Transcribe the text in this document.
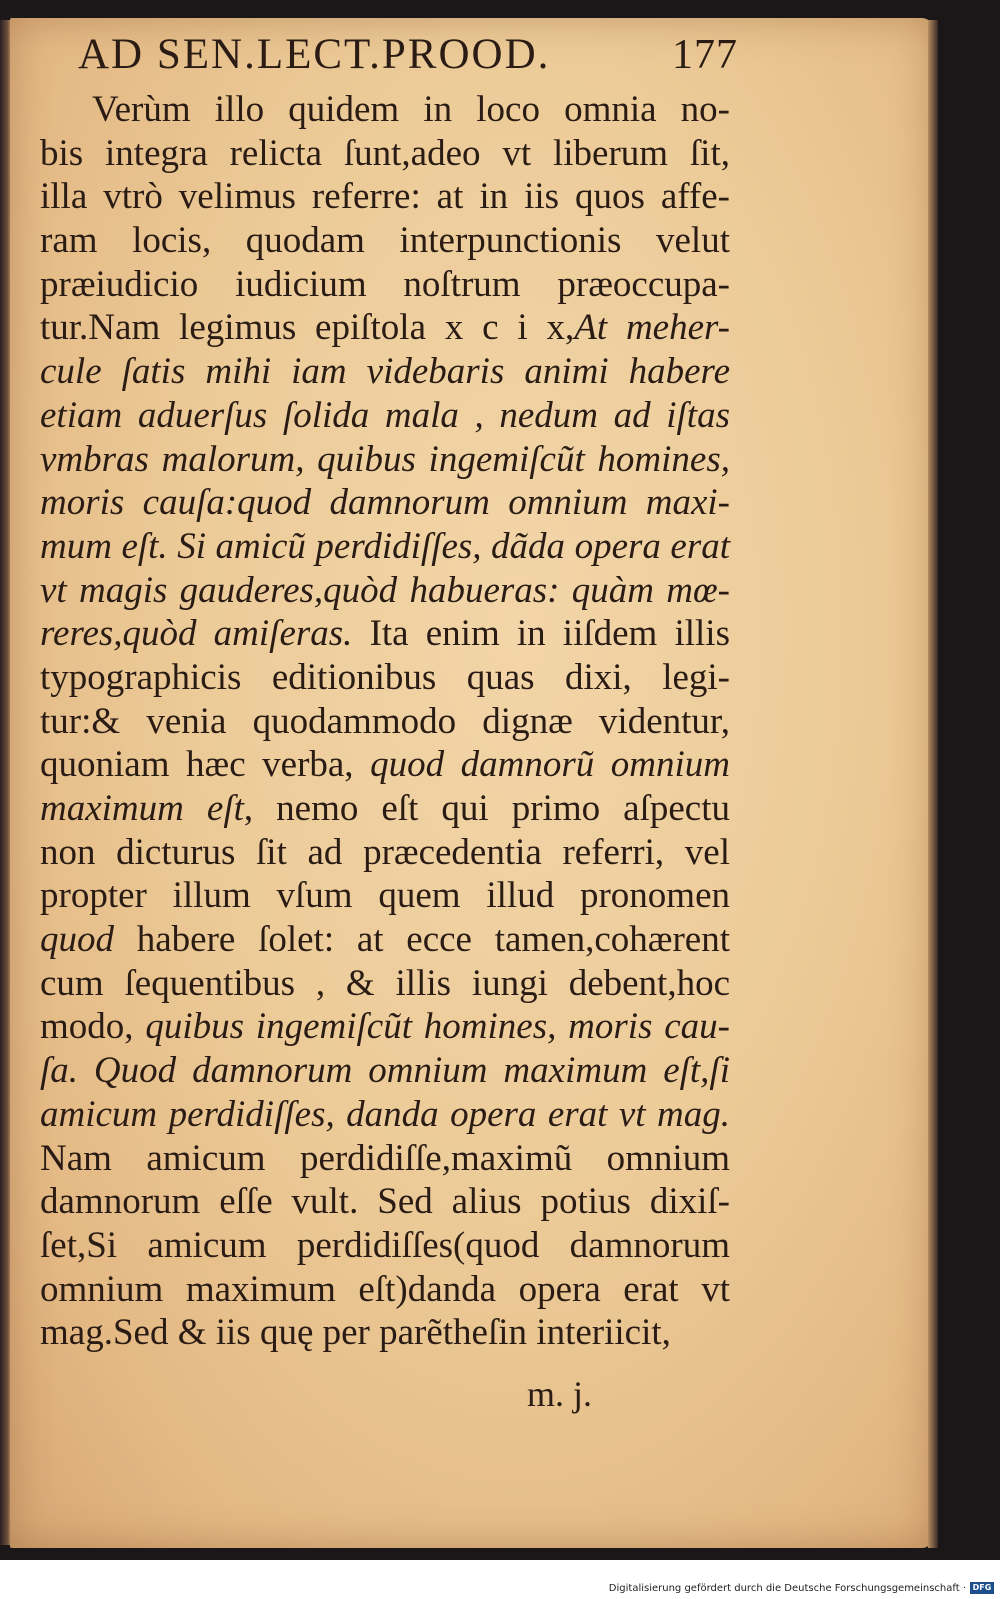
AD SEN.LECT.PROOD.	177
Verùm illo quidem in loco omnia no-
bis integra relicta ſunt,adeo vt liberum ſit,
illa vtrò velimus referre: at in iis quos affe-
ram locis, quodam interpunctionis velut
præiudicio iudicium noſtrum præoccupa-
tur.Nam legimus epiſtola x c i x,At meher-
cule ſatis mihi iam videbaris animi habere
etiam aduerſus ſolida mala , nedum ad iſtas
vmbras malorum, quibus ingemiſcũt homines,
moris cauſa:quod damnorum omnium maxi-
mum eſt. Si amicũ perdidiſſes, dãda opera erat
vt magis gauderes,quòd habueras: quàm mœ-
reres,quòd amiſeras. Ita enim in iiſdem illis
typographicis editionibus quas dixi, legi-
tur:& venia quodammodo dignæ videntur,
quoniam hæc verba, quod damnorũ omnium
maximum eſt, nemo eſt qui primo aſpectu
non dicturus ſit ad præcedentia referri, vel
propter illum vſum quem illud pronomen
quod habere ſolet: at ecce tamen,cohærent
cum ſequentibus , & illis iungi debent,hoc
modo, quibus ingemiſcũt homines, moris cau-
ſa. Quod damnorum omnium maximum eſt,ſi
amicum perdidiſſes, danda opera erat vt mag.
Nam amicum perdidiſſe,maximũ omnium
damnorum eſſe vult. Sed alius potius dixiſ-
ſet,Si amicum perdidiſſes(quod damnorum
omnium maximum eſt)danda opera erat vt
mag.Sed & iis quę per parẽtheſin interiicit,
m. j.
Digitalisierung gefördert durch die Deutsche Forschungsgemeinschaft · DFG
